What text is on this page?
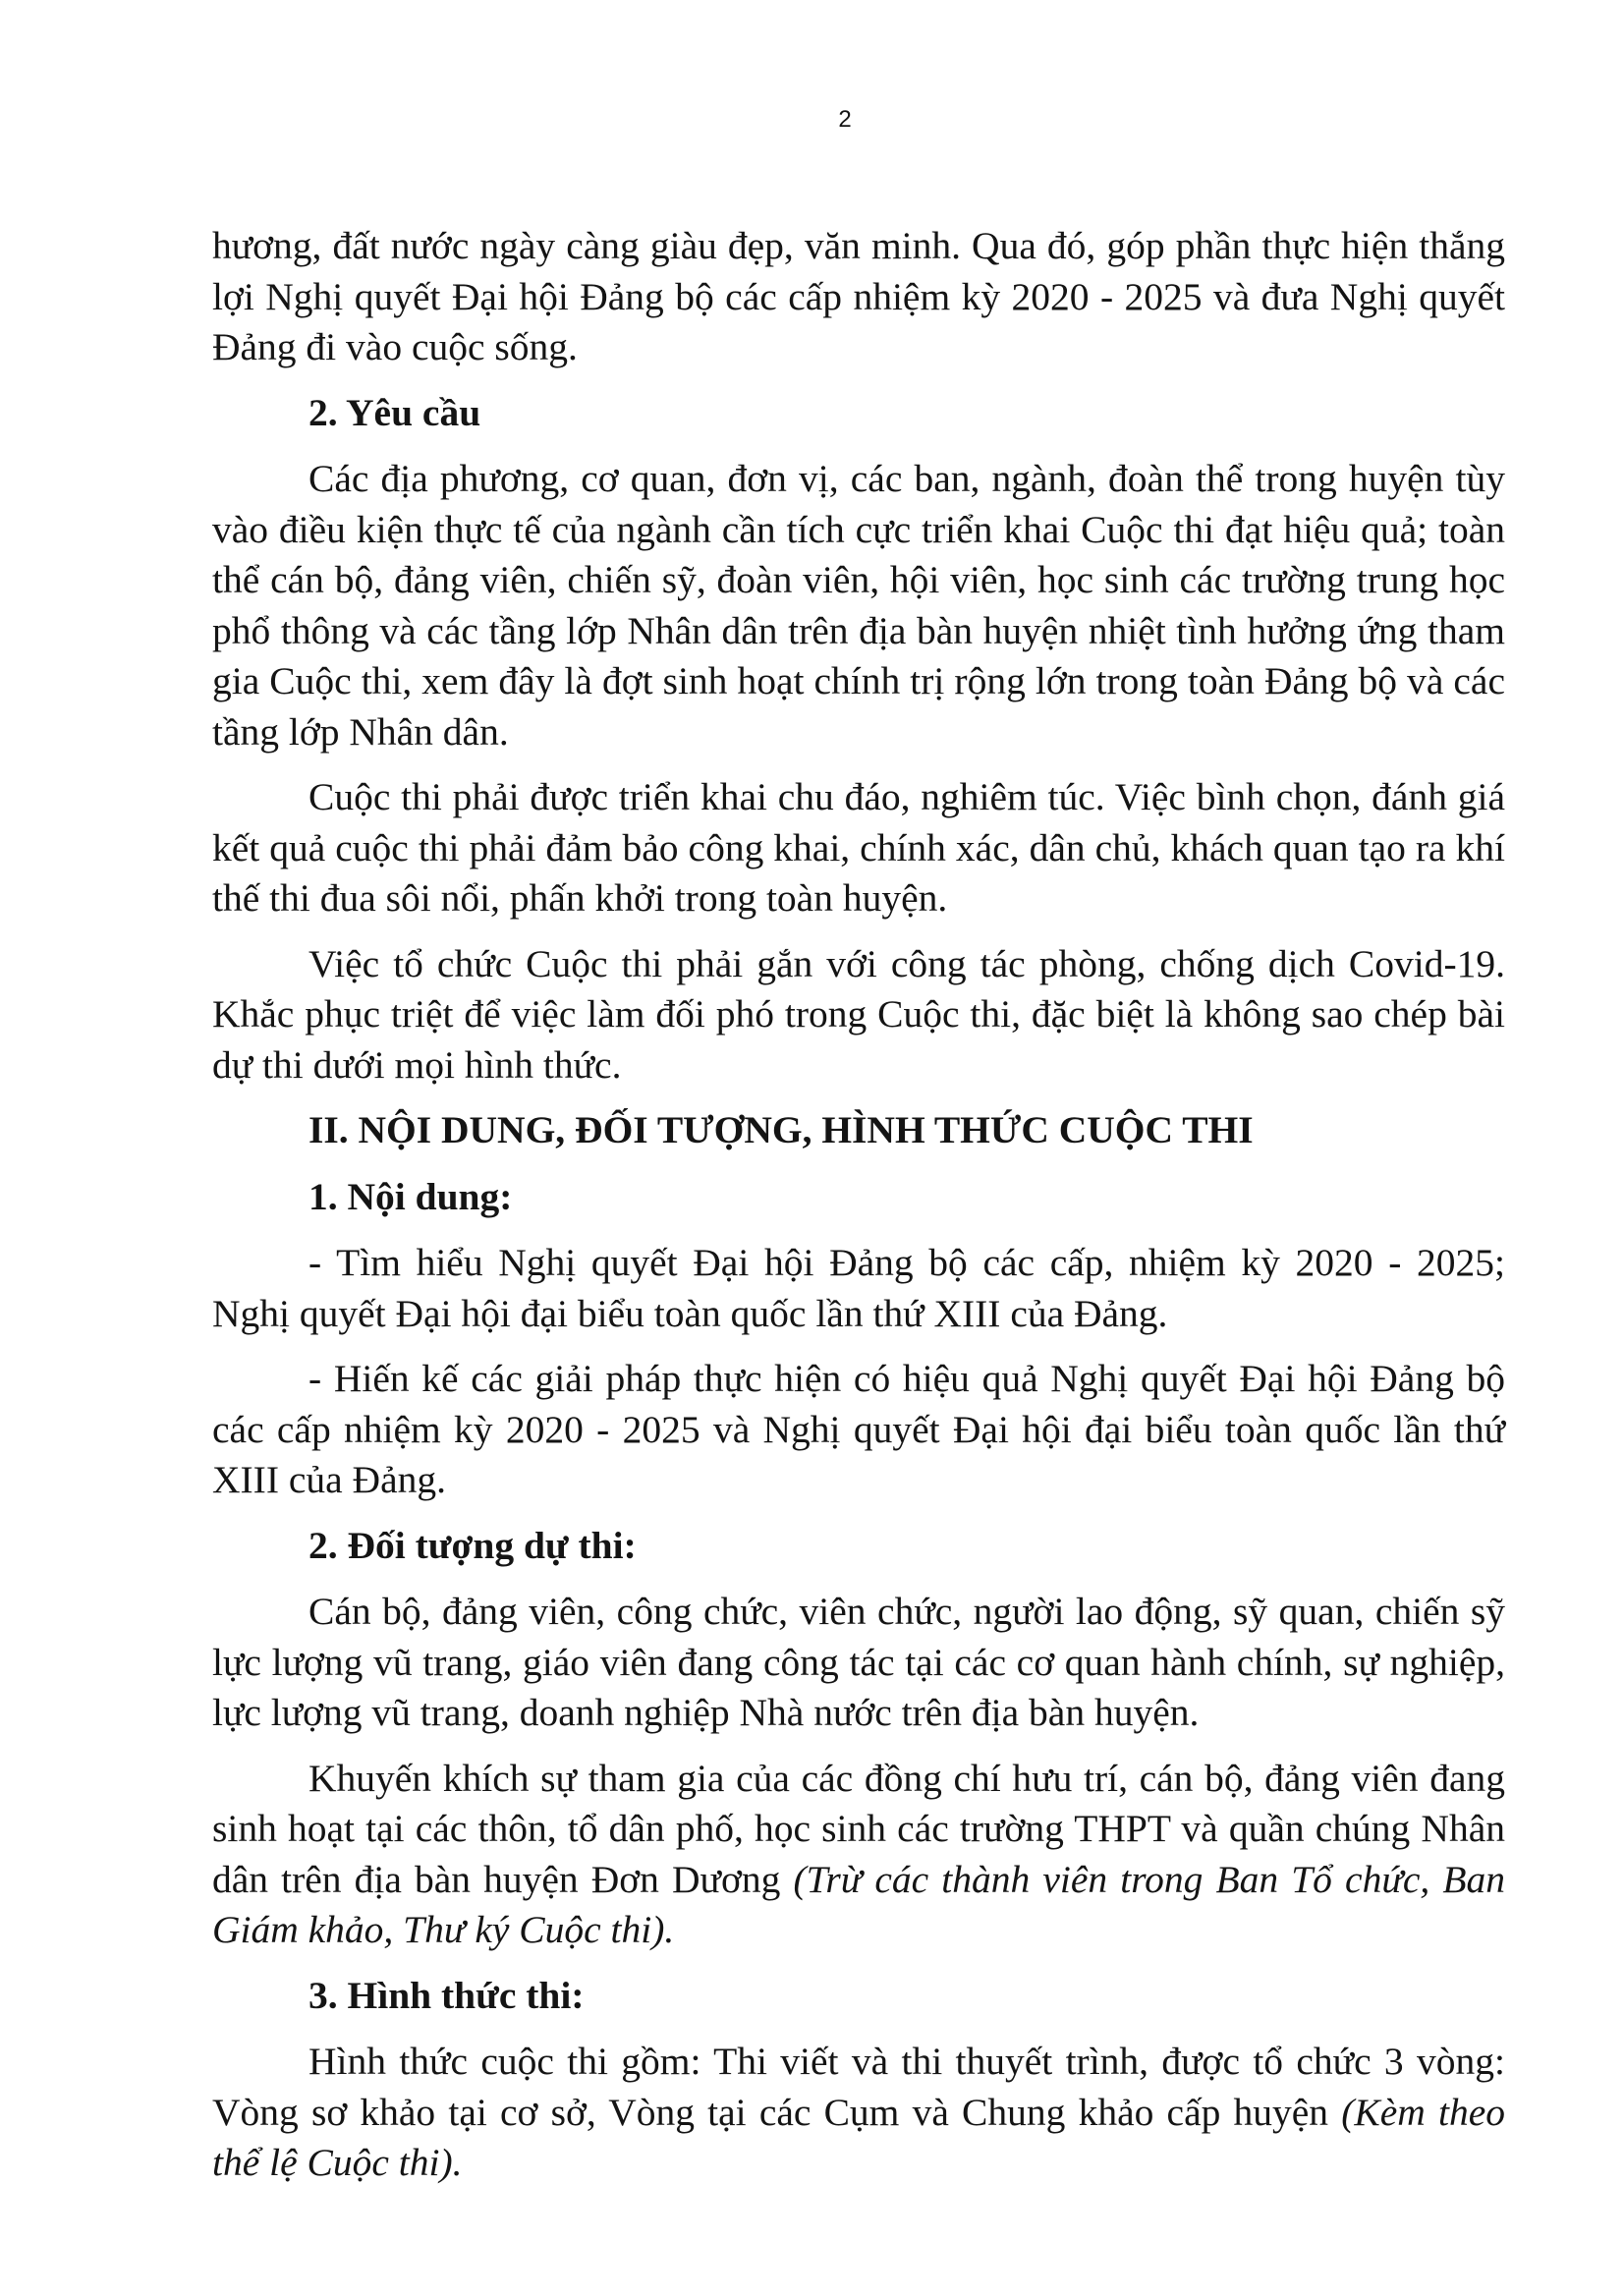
2

hương, đất nước ngày càng giàu đẹp, văn minh. Qua đó, góp phần thực hiện thắng lợi Nghị quyết Đại hội Đảng bộ các cấp nhiệm kỳ 2020 - 2025 và đưa Nghị quyết Đảng đi vào cuộc sống.

2. Yêu cầu

Các địa phương, cơ quan, đơn vị, các ban, ngành, đoàn thể trong huyện tùy vào điều kiện thực tế của ngành cần tích cực triển khai Cuộc thi đạt hiệu quả; toàn thể cán bộ, đảng viên, chiến sỹ, đoàn viên, hội viên, học sinh các trường trung học phổ thông và các tầng lớp Nhân dân trên địa bàn huyện nhiệt tình hưởng ứng tham gia Cuộc thi, xem đây là đợt sinh hoạt chính trị rộng lớn trong toàn Đảng bộ và các tầng lớp Nhân dân.

Cuộc thi phải được triển khai chu đáo, nghiêm túc. Việc bình chọn, đánh giá kết quả cuộc thi phải đảm bảo công khai, chính xác, dân chủ, khách quan tạo ra khí thế thi đua sôi nổi, phấn khởi trong toàn huyện.

Việc tổ chức Cuộc thi phải gắn với công tác phòng, chống dịch Covid-19. Khắc phục triệt để việc làm đối phó trong Cuộc thi, đặc biệt là không sao chép bài dự thi dưới mọi hình thức.

II. NỘI DUNG, ĐỐI TƯỢNG, HÌNH THỨC CUỘC THI
1. Nội dung:

- Tìm hiểu Nghị quyết Đại hội Đảng bộ các cấp, nhiệm kỳ 2020 - 2025; Nghị quyết Đại hội đại biểu toàn quốc lần thứ XIII của Đảng.

- Hiến kế các giải pháp thực hiện có hiệu quả Nghị quyết Đại hội Đảng bộ các cấp nhiệm kỳ 2020 - 2025 và Nghị quyết Đại hội đại biểu toàn quốc lần thứ XIII của Đảng.

2. Đối tượng dự thi:

Cán bộ, đảng viên, công chức, viên chức, người lao động, sỹ quan, chiến sỹ lực lượng vũ trang, giáo viên đang công tác tại các cơ quan hành chính, sự nghiệp, lực lượng vũ trang, doanh nghiệp Nhà nước trên địa bàn huyện.

Khuyến khích sự tham gia của các đồng chí hưu trí, cán bộ, đảng viên đang sinh hoạt tại các thôn, tổ dân phố, học sinh các trường THPT và quần chúng Nhân dân trên địa bàn huyện Đơn Dương (Trừ các thành viên trong Ban Tổ chức, Ban Giám khảo, Thư ký Cuộc thi).

3. Hình thức thi:

Hình thức cuộc thi gồm: Thi viết và thi thuyết trình, được tổ chức 3 vòng: Vòng sơ khảo tại cơ sở, Vòng tại các Cụm và Chung khảo cấp huyện (Kèm theo thể lệ Cuộc thi).
